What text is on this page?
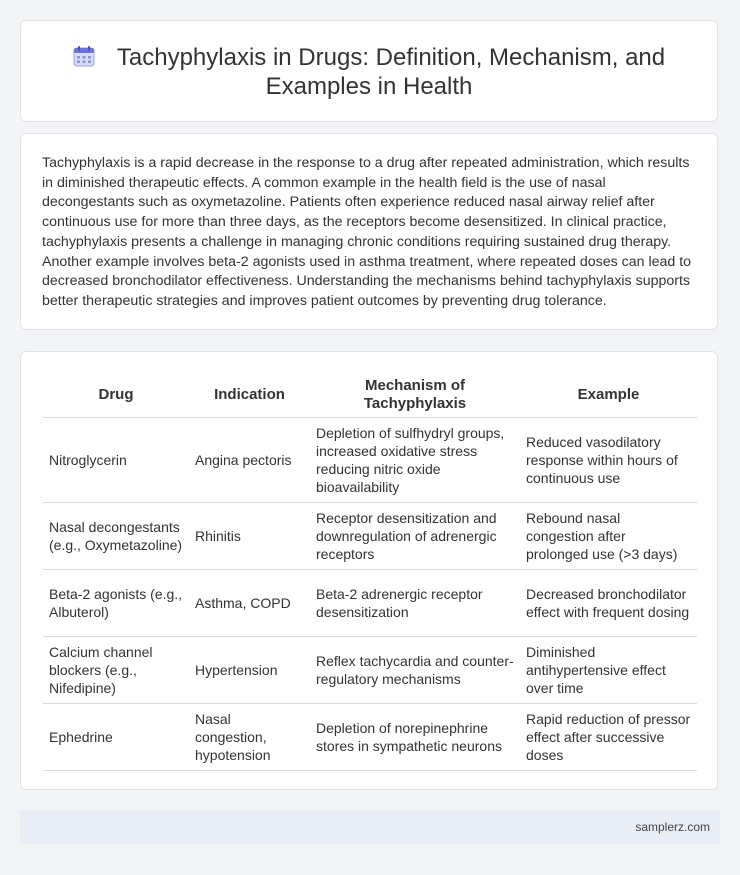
Tachyphylaxis in Drugs: Definition, Mechanism, and
Examples in Health

Tachyphylaxis is a rapid decrease in the response to a drug after repeated administration, which results in diminished therapeutic effects. A common example in the health field is the use of nasal decongestants such as oxymetazoline. Patients often experience reduced nasal airway relief after continuous use for more than three days, as the receptors become desensitized. In clinical practice, tachyphylaxis presents a challenge in managing chronic conditions requiring sustained drug therapy. Another example involves beta-2 agonists used in asthma treatment, where repeated doses can lead to decreased bronchodilator effectiveness. Understanding the mechanisms behind tachyphylaxis supports better therapeutic strategies and improves patient outcomes by preventing drug tolerance.

Drug	Indication	Mechanism of Tachyphylaxis	Example
Nitroglycerin	Angina pectoris	Depletion of sulfhydryl groups, increased oxidative stress reducing nitric oxide bioavailability	Reduced vasodilatory response within hours of continuous use
Nasal decongestants (e.g., Oxymetazoline)	Rhinitis	Receptor desensitization and downregulation of adrenergic receptors	Rebound nasal congestion after prolonged use (>3 days)
Beta-2 agonists (e.g., Albuterol)	Asthma, COPD	Beta-2 adrenergic receptor desensitization	Decreased bronchodilator effect with frequent dosing
Calcium channel blockers (e.g., Nifedipine)	Hypertension	Reflex tachycardia and counter-regulatory mechanisms	Diminished antihypertensive effect over time
Ephedrine	Nasal congestion, hypotension	Depletion of norepinephrine stores in sympathetic neurons	Rapid reduction of pressor effect after successive doses
samplerz.com
